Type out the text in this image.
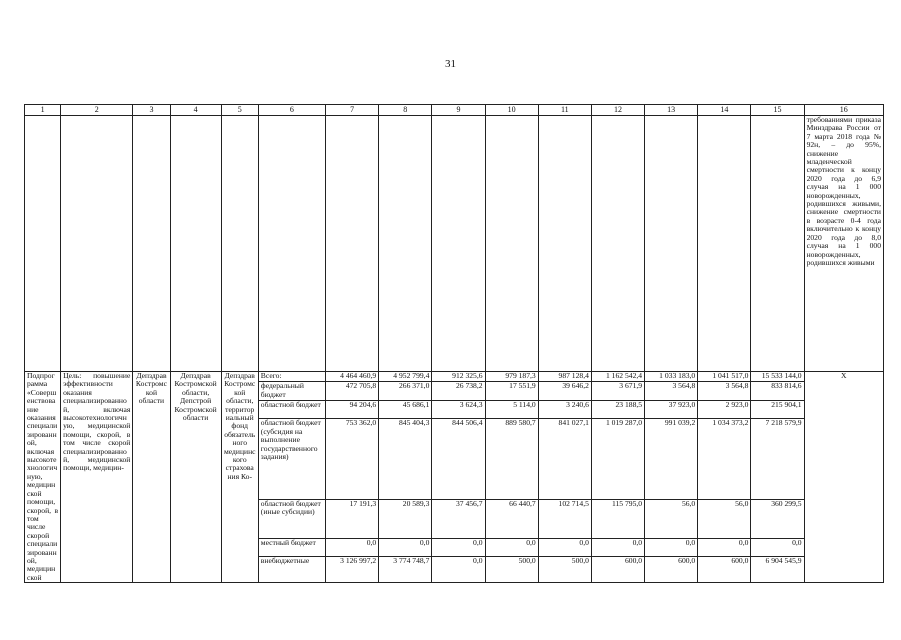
31
1	2	3	4	5	6	7	8	9	10	11	12	13	14	15	16
															требованиями приказа Минздрава России от 7 марта 2018 года № 92н, – до 95%, снижение младенческой смертности к концу 2020 года до 6,9 случая на 1 000 новорожденных, родившихся живыми, снижение смертности в возрасте 0-4 года включительно к концу 2020 года до 8,0 случая на 1 000 новорожденных, родившихся живыми
Подпрограмма «Совершенствование оказания специализированной, включая высокотехнологичную, медицинской помощи, скорой, в том числе скорой специализированной, медицинской	Цель: повышение эффективности оказания специализированной, включая высокотехнологичную, медицинской помощи, скорой, в том числе скорой специализированной, медицинской помощи, медицин-	Депздрав Костромской области	Депздрав Костромской области, Депстрой Костромской области	Депздрав Костромской области, территориальный фонд обязательного медицинского страхования Ко-	Всего:	4 464 460,9	4 952 799,4	912 325,6	979 187,3	987 128,4	1 162 542,4	1 033 183,0	1 041 517,0	15 533 144,0	X
					федеральный бюджет	472 705,8	266 371,0	26 738,2	17 551,9	39 646,2	3 671,9	3 564,8	3 564,8	833 814,6	
					областной бюджет	94 204,6	45 686,1	3 624,3	5 114,0	3 240,6	23 188,5	37 923,0	2 923,0	215 904,1	
					областной бюджет (субсидия на выполнение государственного задания)	753 362,0	845 404,3	844 506,4	889 580,7	841 027,1	1 019 287,0	991 039,2	1 034 373,2	7 218 579,9	
					областной бюджет (иные субсидии)	17 191,3	20 589,3	37 456,7	66 440,7	102 714,5	115 795,0	56,0	56,0	360 299,5	
					местный бюджет	0,0	0,0	0,0	0,0	0,0	0,0	0,0	0,0	0,0	
					внебюджетные	3 126 997,2	3 774 748,7	0,0	500,0	500,0	600,0	600,0	600,0	6 904 545,9	
